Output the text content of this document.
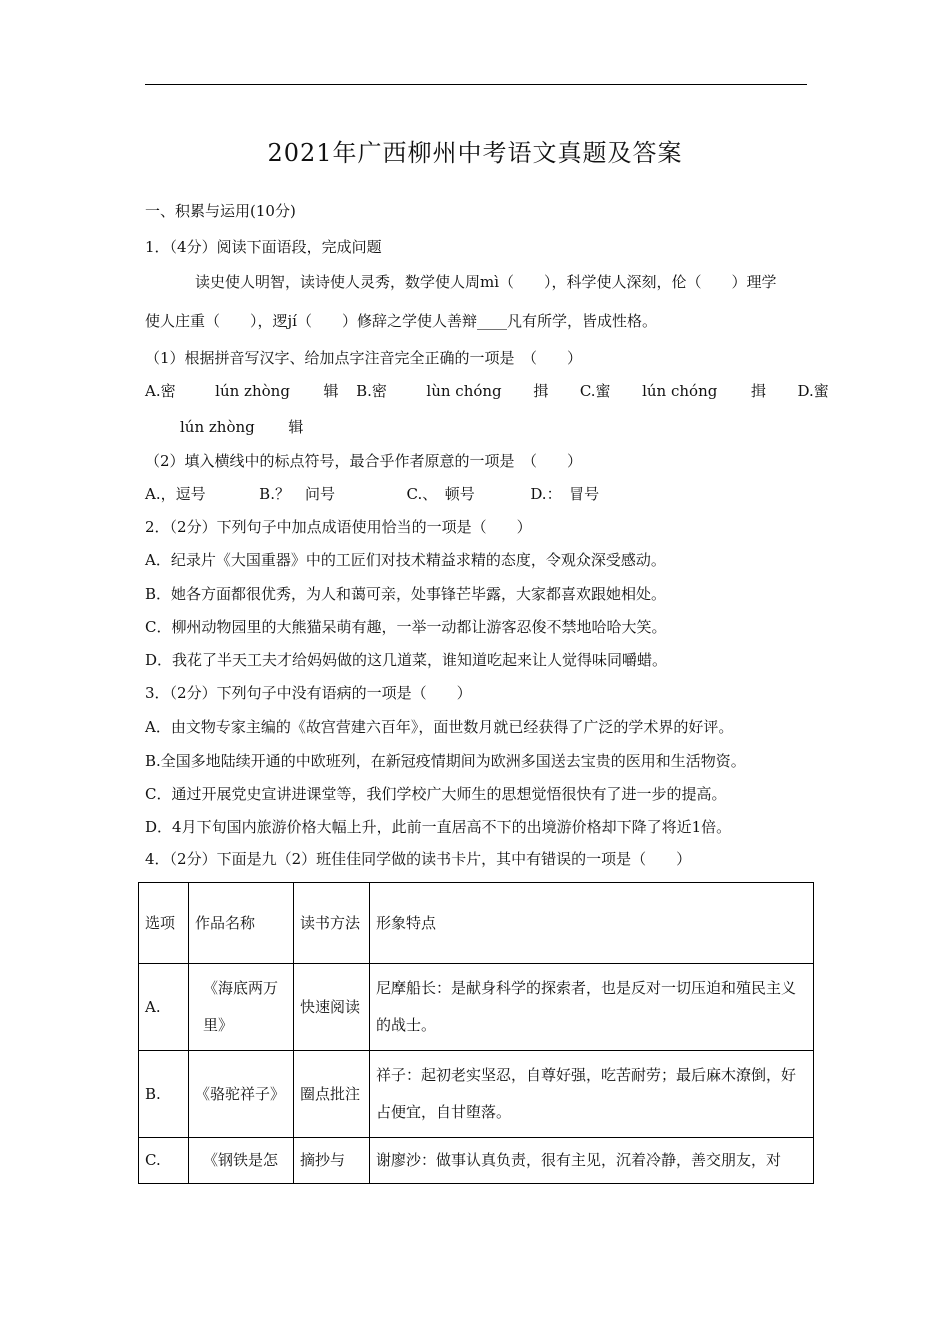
2021年广西柳州中考语文真题及答案
一、积累与运用(10分)
1．（4分）阅读下面语段，完成问题
读史使人明智，读诗使人灵秀，数学使人周mì（　　），科学使人深刻，伦（　　）理学
使人庄重（　　），逻jí（　　）修辞之学使人善辩____凡有所学，皆成性格。
（1）根据拼音写汉字、给加点字注音完全正确的一项是　（　　）
A.密	lún zhòng 辑 B.密	lùn chóng 揖 C.蜜 lún chóng 揖 D.蜜
lún zhòng 辑
（2）填入横线中的标点符号，最合乎作者原意的一项是　（　　）
A.，逗号	B.？　问号	C.、　顿号	D.：　冒号
2．（2分）下列句子中加点成语使用恰当的一项是（　　）
A．纪录片《大国重器》中的工匠们对技术精益求精的态度，令观众深受感动。
B．她各方面都很优秀，为人和蔼可亲，处事锋芒毕露，大家都喜欢跟她相处。
C．柳州动物园里的大熊猫呆萌有趣，一举一动都让游客忍俊不禁地哈哈大笑。
D．我花了半天工夫才给妈妈做的这几道菜，谁知道吃起来让人觉得味同嚼蜡。
3．（2分）下列句子中没有语病的一项是（　　）
A．由文物专家主编的《故宫营建六百年》，面世数月就已经获得了广泛的学术界的好评。
B.全国多地陆续开通的中欧班列，在新冠疫情期间为欧洲多国送去宝贵的医用和生活物资。
C．通过开展党史宣讲进课堂等，我们学校广大师生的思想觉悟很快有了进一步的提高。
D．4月下旬国内旅游价格大幅上升，此前一直居高不下的出境游价格却下降了将近1倍。
4．（2分）下面是九（2）班佳佳同学做的读书卡片，其中有错误的一项是（　　）
选项	作品名称	读书方法	形象特点
A.	《海底两万里》	快速阅读	尼摩船长：是献身科学的探索者，也是反对一切压迫和殖民主义的战士。
B.	《骆驼祥子》	圈点批注	祥子：起初老实坚忍，自尊好强，吃苦耐劳；最后麻木潦倒，好占便宜，自甘堕落。
C.	《钢铁是怎	摘抄与	谢廖沙：做事认真负责，很有主见，沉着冷静，善交朋友，对
